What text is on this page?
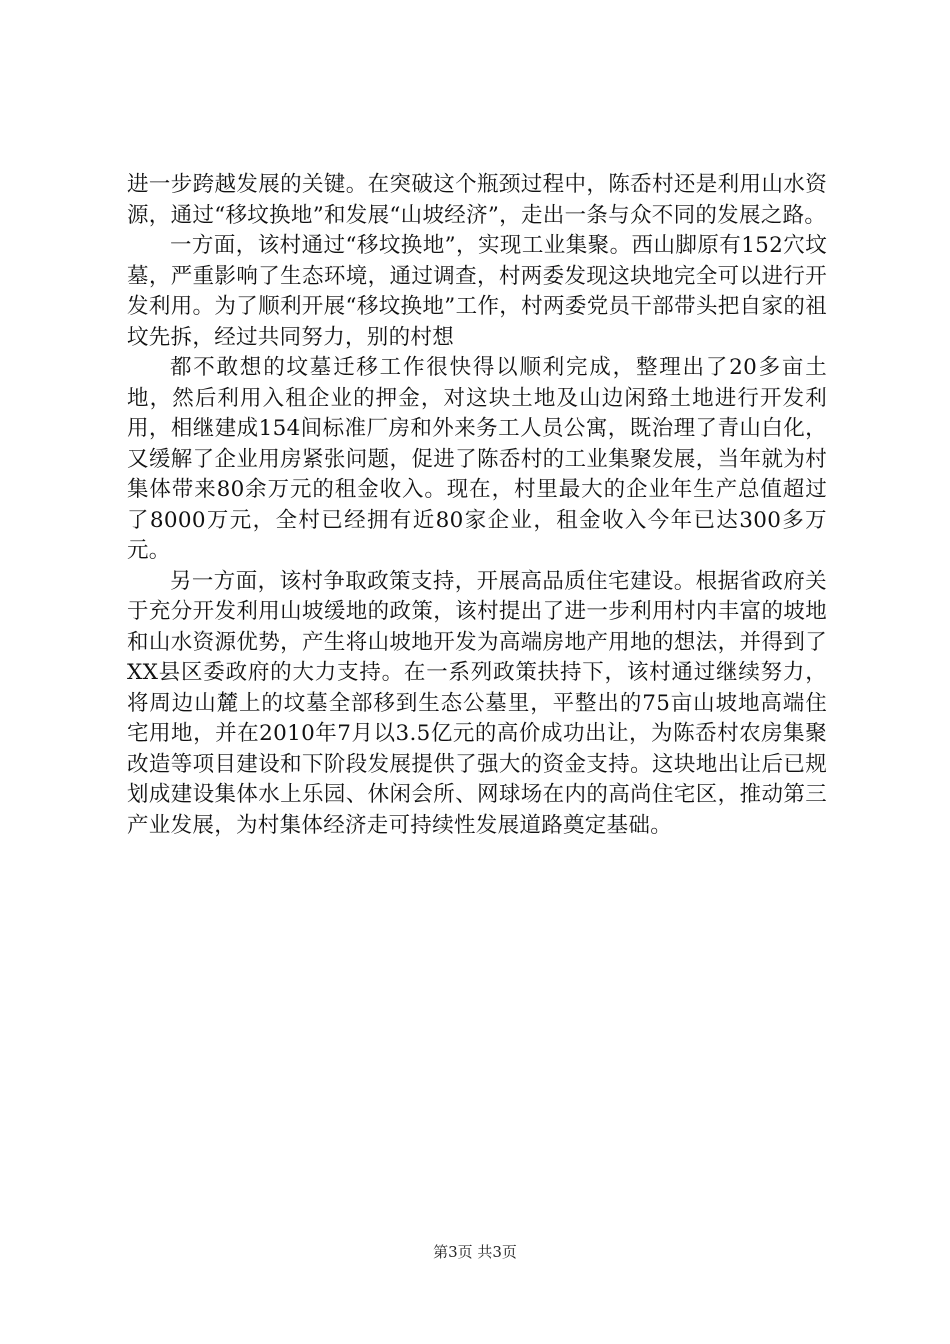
进一步跨越发展的关键。在突破这个瓶颈过程中，陈岙村还是利用山水资源，通过“移坟换地”和发展“山坡经济”，走出一条与众不同的发展之路。

一方面，该村通过“移坟换地”，实现工业集聚。西山脚原有152穴坟墓，严重影响了生态环境，通过调查，村两委发现这块地完全可以进行开发利用。为了顺利开展“移坟换地”工作，村两委党员干部带头把自家的祖坟先拆，经过共同努力，别的村想

都不敢想的坟墓迁移工作很快得以顺利完成，整理出了20多亩土地，然后利用入租企业的押金，对这块土地及山边闲臵土地进行开发利用，相继建成154间标准厂房和外来务工人员公寓，既治理了青山白化，又缓解了企业用房紧张问题，促进了陈岙村的工业集聚发展，当年就为村集体带来80余万元的租金收入。现在，村里最大的企业年生产总值超过了8000万元，全村已经拥有近80家企业，租金收入今年已达300多万元。

另一方面，该村争取政策支持，开展高品质住宅建设。根据省政府关于充分开发利用山坡缓地的政策，该村提出了进一步利用村内丰富的坡地和山水资源优势，产生将山坡地开发为高端房地产用地的想法，并得到了XX县区委政府的大力支持。在一系列政策扶持下，该村通过继续努力，将周边山麓上的坟墓全部移到生态公墓里，平整出的75亩山坡地高端住宅用地，并在2010年7月以3.5亿元的高价成功出让，为陈岙村农房集聚改造等项目建设和下阶段发展提供了强大的资金支持。这块地出让后已规划成建设集体水上乐园、休闲会所、网球场在内的高尚住宅区，推动第三产业发展，为村集体经济走可持续性发展道路奠定基础。

第3页 共3页
